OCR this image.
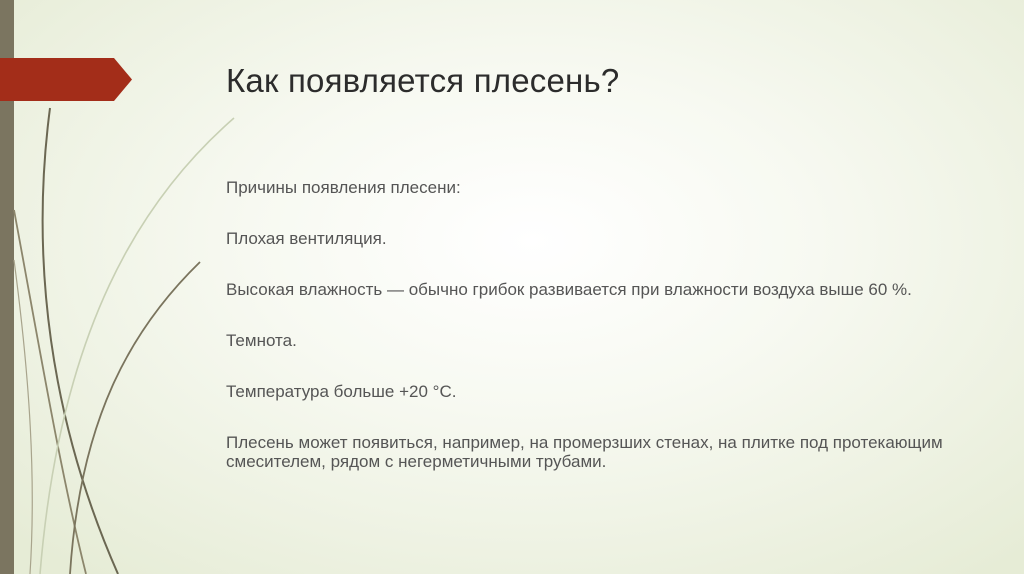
Как появляется плесень?

Причины появления плесени:

Плохая вентиляция.

Высокая влажность — обычно грибок развивается при влажности воздуха выше 60 %.

Темнота.

Температура больше +20 °С.

Плесень может появиться, например, на промерзших стенах, на плитке под протекающим смесителем, рядом с негерметичными трубами.
